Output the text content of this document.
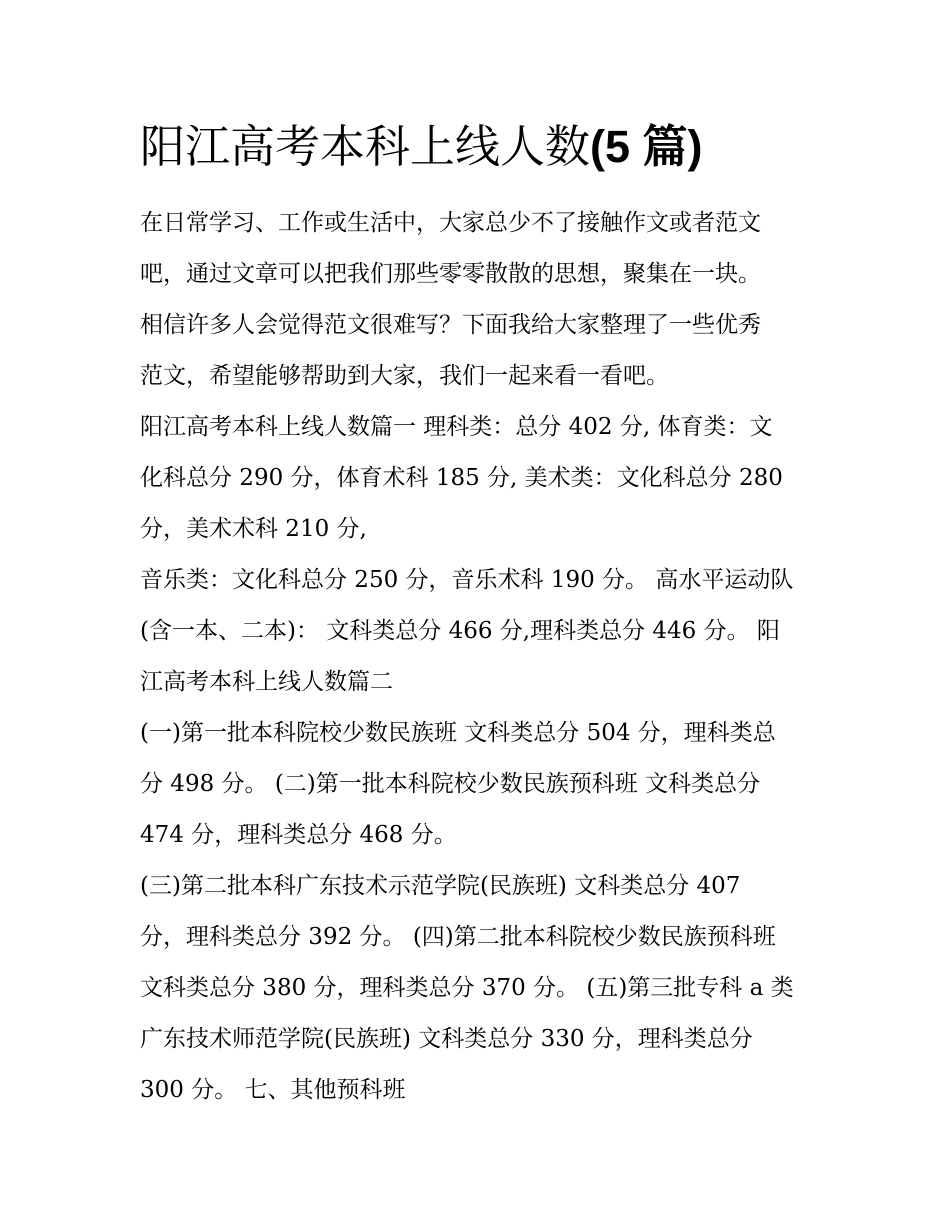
阳江高考本科上线人数(5 篇)
在日常学习、工作或生活中，大家总少不了接触作文或者范文
吧，通过文章可以把我们那些零零散散的思想，聚集在一块。
相信许多人会觉得范文很难写？下面我给大家整理了一些优秀
范文，希望能够帮助到大家，我们一起来看一看吧。
阳江高考本科上线人数篇一 理科类：总分 402 分, 体育类：文
化科总分 290 分，体育术科 185 分, 美术类：文化科总分 280
分，美术术科 210 分,
音乐类：文化科总分 250 分，音乐术科 190 分。 高水平运动队
(含一本、二本)： 文科类总分 466 分,理科类总分 446 分。 阳
江高考本科上线人数篇二
(一)第一批本科院校少数民族班 文科类总分 504 分，理科类总
分 498 分。 (二)第一批本科院校少数民族预科班 文科类总分
474 分，理科类总分 468 分。
(三)第二批本科广东技术示范学院(民族班) 文科类总分 407
分，理科类总分 392 分。 (四)第二批本科院校少数民族预科班
文科类总分 380 分，理科类总分 370 分。 (五)第三批专科 a 类
广东技术师范学院(民族班) 文科类总分 330 分，理科类总分
300 分。 七、其他预科班
